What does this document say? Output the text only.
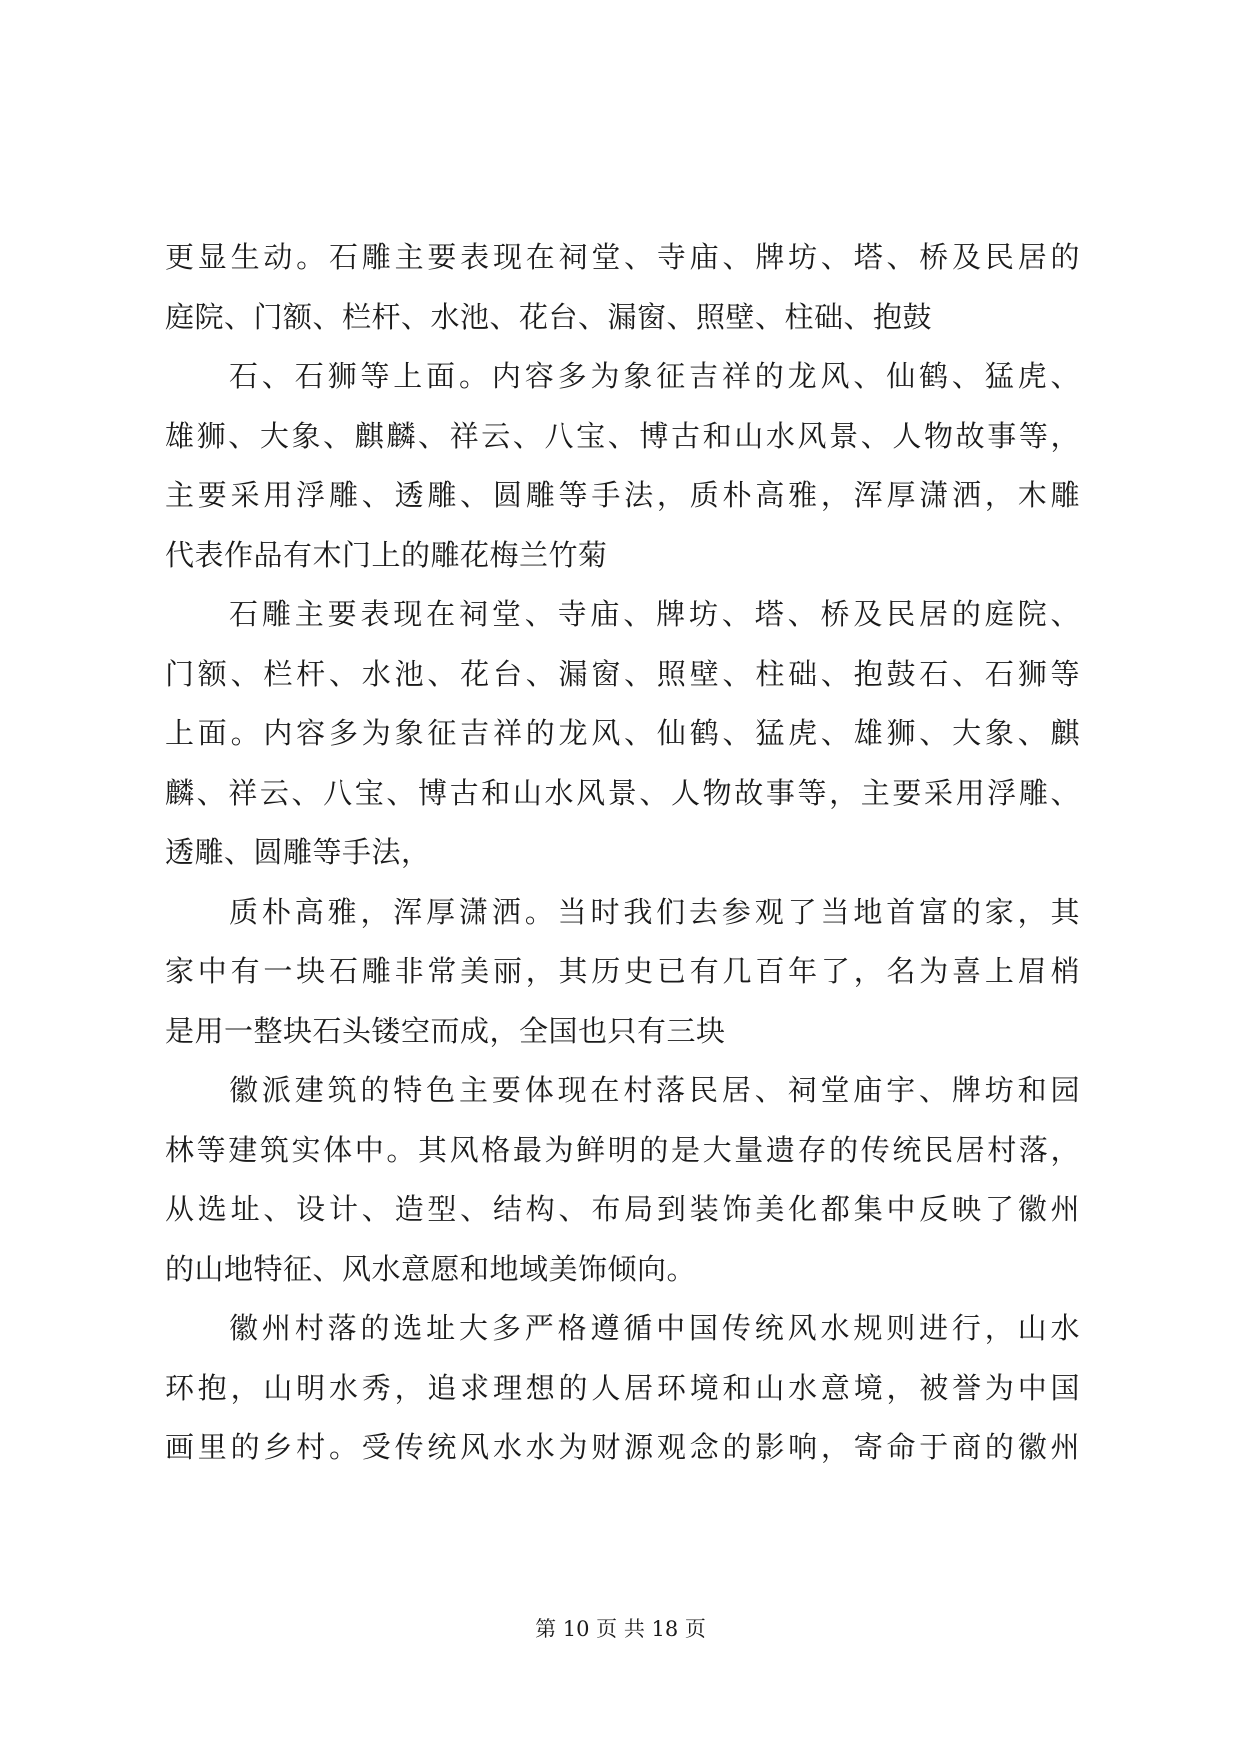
更显生动。石雕主要表现在祠堂、寺庙、牌坊、塔、桥及民居的
庭院、门额、栏杆、水池、花台、漏窗、照壁、柱础、抱鼓
石、石狮等上面。内容多为象征吉祥的龙风、仙鹤、猛虎、
雄狮、大象、麒麟、祥云、八宝、博古和山水风景、人物故事等，
主要采用浮雕、透雕、圆雕等手法，质朴高雅，浑厚潇洒，木雕
代表作品有木门上的雕花梅兰竹菊
石雕主要表现在祠堂、寺庙、牌坊、塔、桥及民居的庭院、
门额、栏杆、水池、花台、漏窗、照壁、柱础、抱鼓石、石狮等
上面。内容多为象征吉祥的龙风、仙鹤、猛虎、雄狮、大象、麒
麟、祥云、八宝、博古和山水风景、人物故事等，主要采用浮雕、
透雕、圆雕等手法，
质朴高雅，浑厚潇洒。当时我们去参观了当地首富的家，其
家中有一块石雕非常美丽，其历史已有几百年了，名为喜上眉梢
是用一整块石头镂空而成，全国也只有三块
徽派建筑的特色主要体现在村落民居、祠堂庙宇、牌坊和园
林等建筑实体中。其风格最为鲜明的是大量遗存的传统民居村落，
从选址、设计、造型、结构、布局到装饰美化都集中反映了徽州
的山地特征、风水意愿和地域美饰倾向。
徽州村落的选址大多严格遵循中国传统风水规则进行，山水
环抱，山明水秀，追求理想的人居环境和山水意境，被誉为中国
画里的乡村。受传统风水水为财源观念的影响，寄命于商的徽州
第 10 页 共 18 页
